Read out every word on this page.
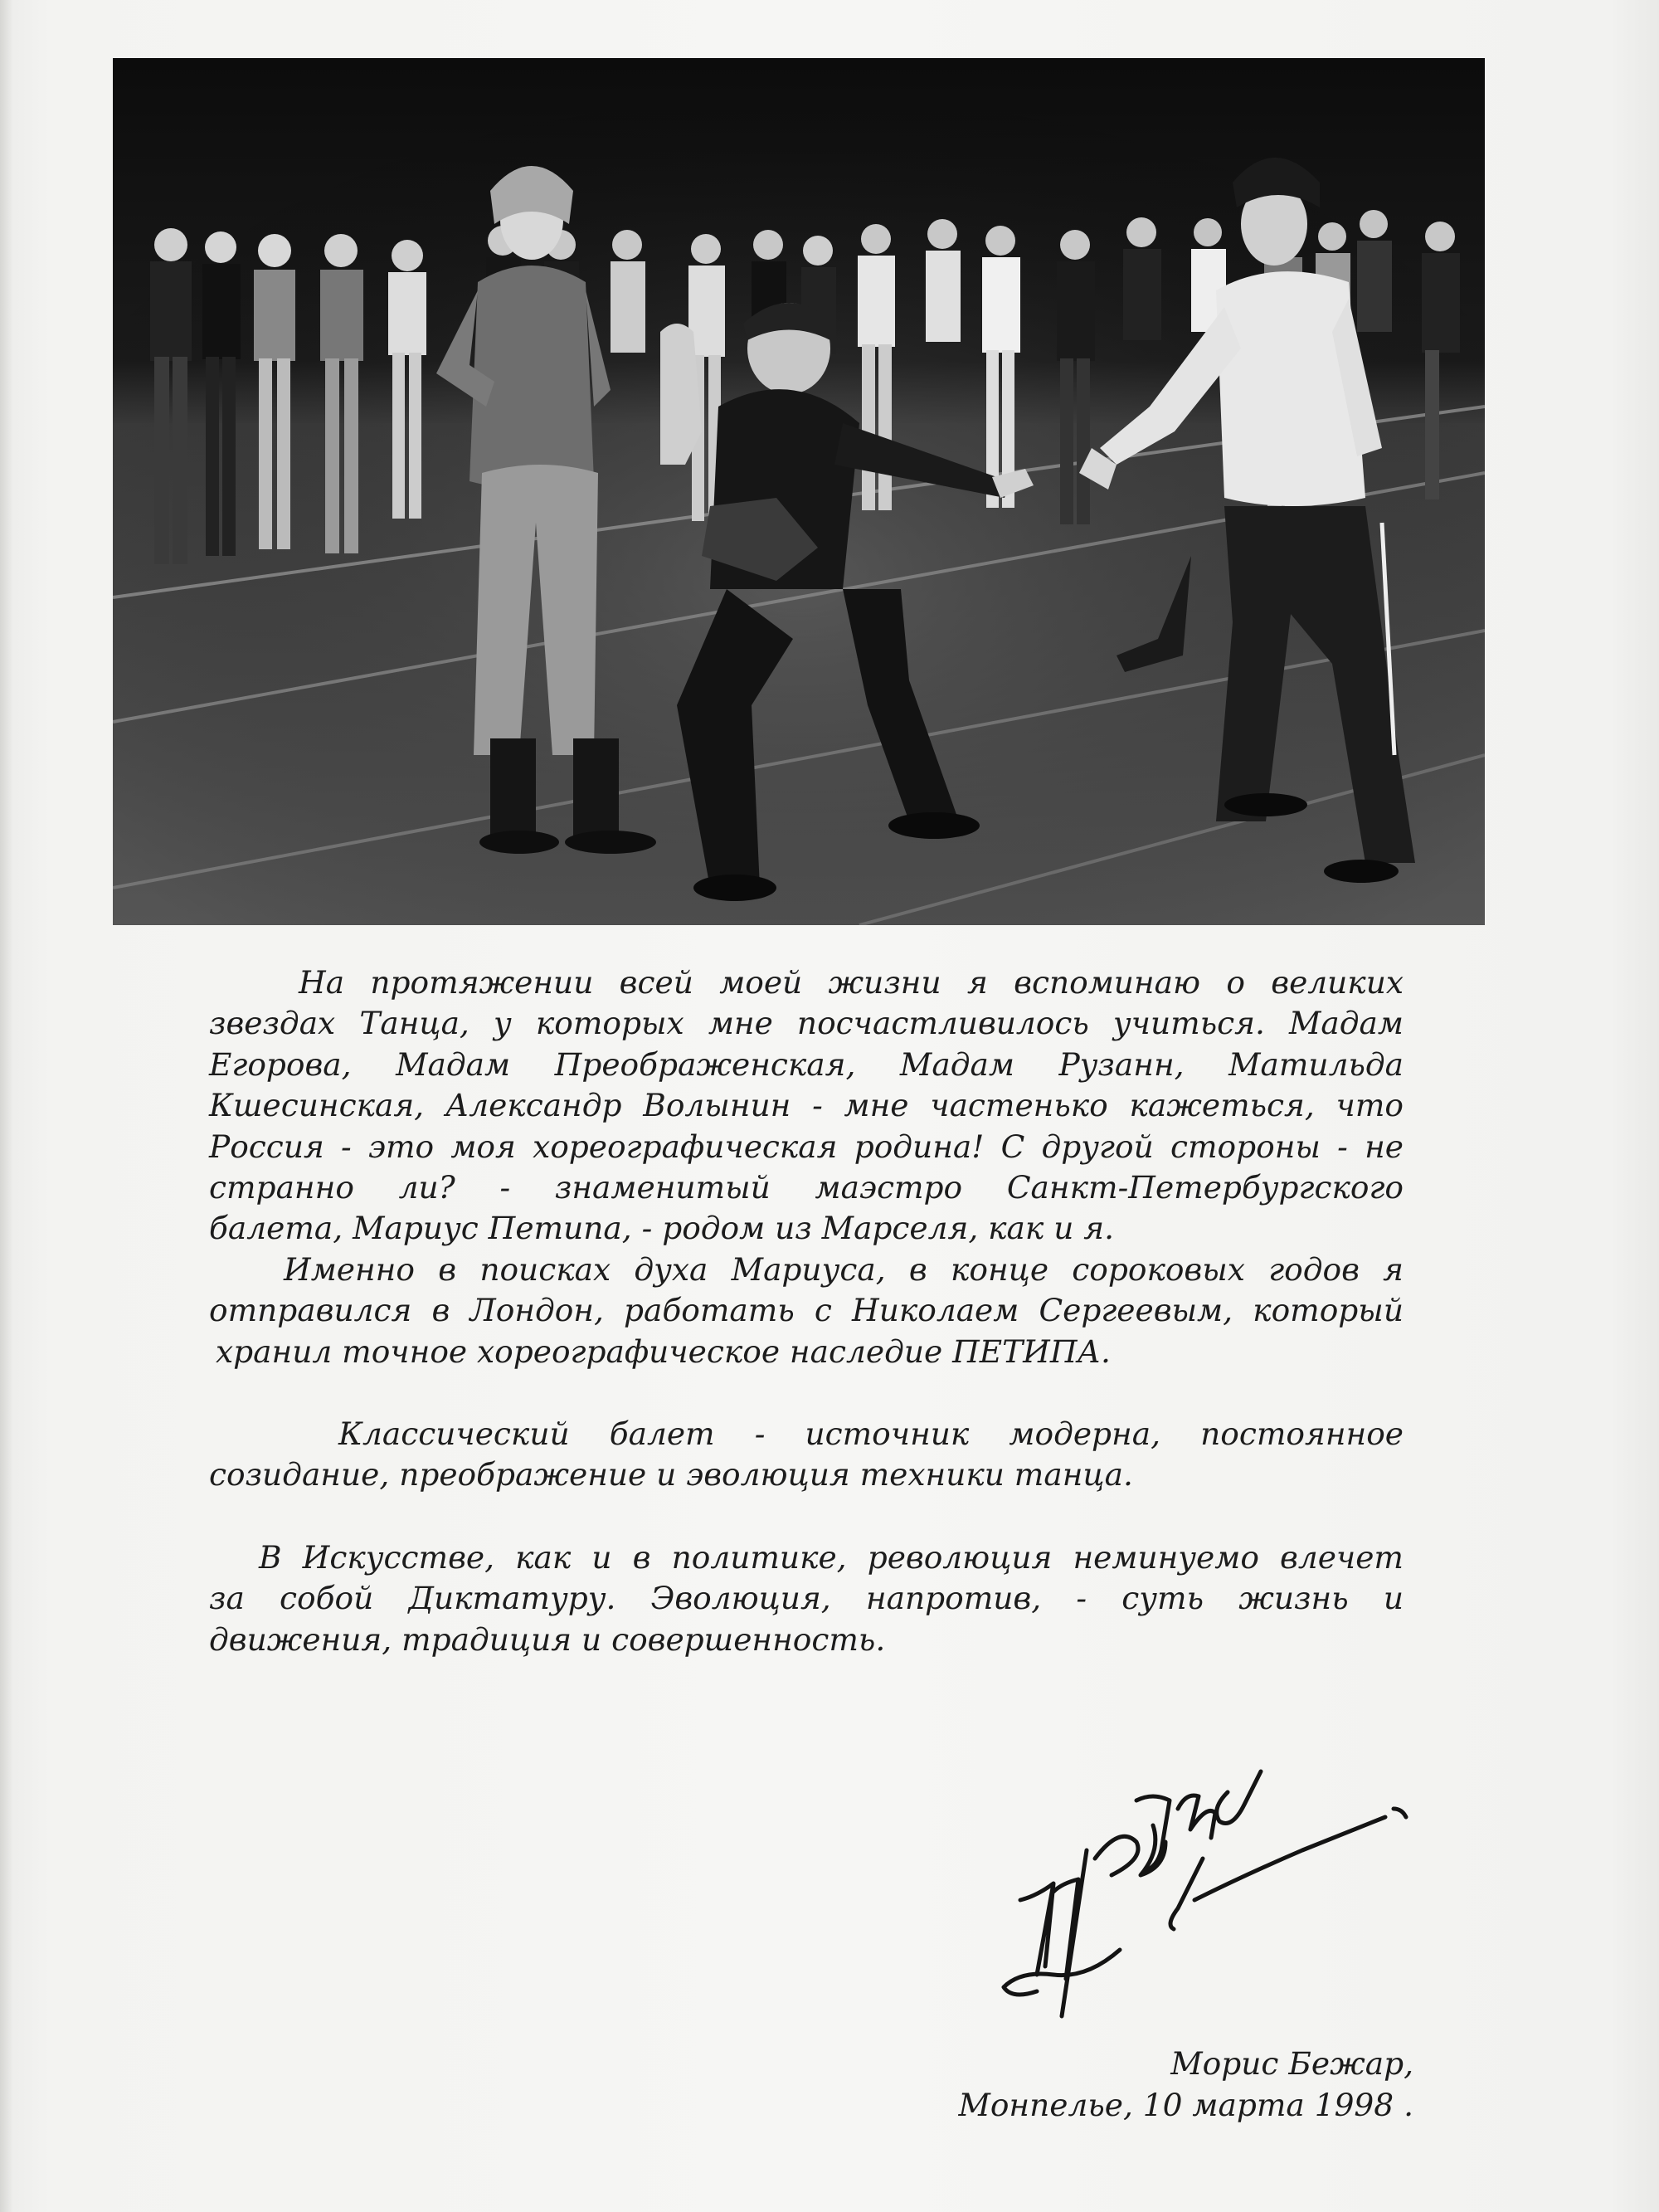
На протяжении всей моей жизни я вспоминаю о великих
звездах Танца, у которых мне посчастливилось учиться. Мадам
Егорова, Мадам Преображенская, Мадам Рузанн, Матильда
Кшесинская, Александр Волынин - мне частенько кажеться, что
Россия - это моя хореографическая родина! С другой стороны - не
странно ли? - знаменитый маэстро Санкт-Петербургского
балета, Мариус Петипа, - родом из Марселя, как и я.
Именно в поисках духа Мариуса, в конце сороковых годов я
отправился в Лондон, работать с Николаем Сергеевым, который
хранил точное хореографическое наследие ПЕТИПА.
Классический балет - источник модерна, постоянное
созидание, преображение и эволюция техники танца.
В Искусстве, как и в политике, революция неминуемо влечет
за собой Диктатуру. Эволюция, напротив, - суть жизнь и
движения, традиция и совершенность.
Морис Бежар,
Монпелье, 10 марта 1998 .
